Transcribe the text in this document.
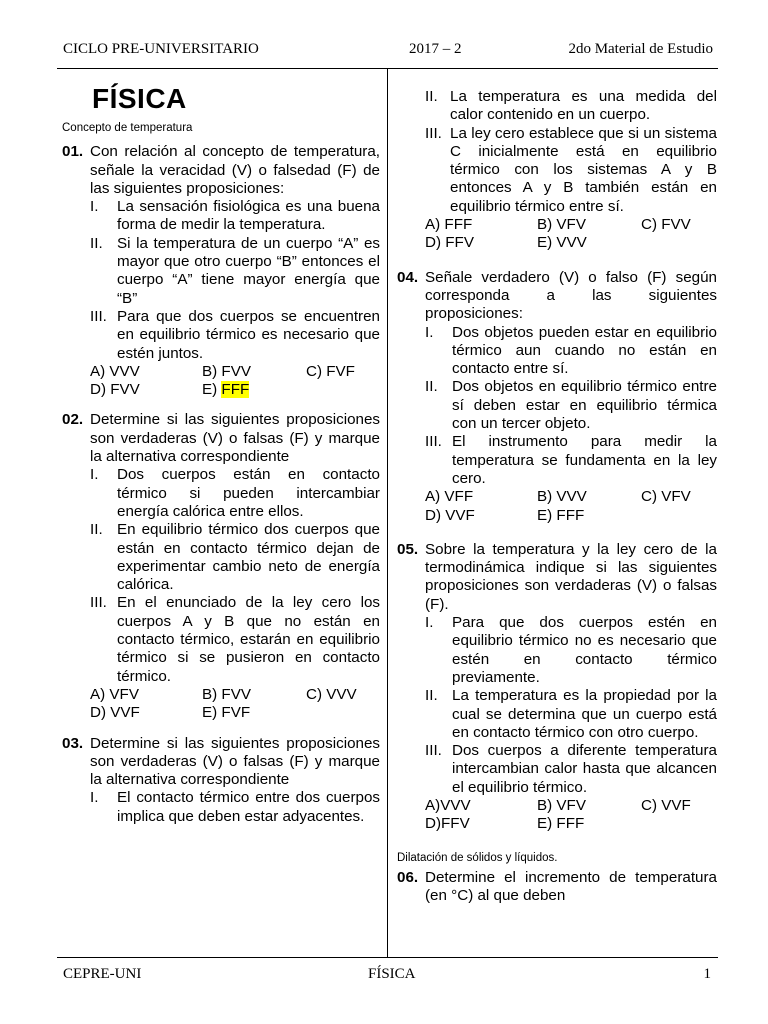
CICLO PRE-UNIVERSITARIO	2017 – 2	2do Material de Estudio
FÍSICA
Concepto de temperatura
01. Con relación al concepto de temperatura, señale la veracidad (V) o falsedad (F) de las siguientes proposiciones:
I. La sensación fisiológica es una buena forma de medir la temperatura.
II. Si la temperatura de un cuerpo “A” es mayor que otro cuerpo “B” entonces el cuerpo “A” tiene mayor energía que “B”
III. Para que dos cuerpos se encuentren en equilibrio térmico es necesario que estén juntos.
A) VVV	B) FVV	C) FVF
D) FVV	E) FFF
02. Determine si las siguientes proposiciones son verdaderas (V) o falsas (F) y marque la alternativa correspondiente
I. Dos cuerpos están en contacto térmico si pueden intercambiar energía calórica entre ellos.
II. En equilibrio térmico dos cuerpos que están en contacto térmico dejan de experimentar cambio neto de energía calórica.
III. En el enunciado de la ley cero los cuerpos A y B que no están en contacto térmico, estarán en equilibrio térmico si se pusieron en contacto térmico.
A) VFV	B) FVV	C) VVV
D) VVF	E) FVF
03. Determine si las siguientes proposiciones son verdaderas (V) o falsas (F) y marque la alternativa correspondiente
I. El contacto térmico entre dos cuerpos implica que deben estar adyacentes.
II. La temperatura es una medida del calor contenido en un cuerpo.
III. La ley cero establece que si un sistema C inicialmente está en equilibrio térmico con los sistemas A y B entonces A y B también están en equilibrio térmico entre sí.
A) FFF	B) VFV	C) FVV
D) FFV	E) VVV
04. Señale verdadero (V) o falso (F) según corresponda a las siguientes proposiciones:
I. Dos objetos pueden estar en equilibrio térmico aun cuando no están en contacto entre sí.
II. Dos objetos en equilibrio térmico entre sí deben estar en equilibrio térmica con un tercer objeto.
III. El instrumento para medir la temperatura se fundamenta en la ley cero.
A) VFF	B) VVV	C) VFV
D) VVF	E) FFF
05. Sobre la temperatura y la ley cero de la termodinámica indique si las siguientes proposiciones son verdaderas (V) o falsas (F).
I. Para que dos cuerpos estén en equilibrio térmico no es necesario que estén en contacto térmico previamente.
II. La temperatura es la propiedad por la cual se determina que un cuerpo está en contacto térmico con otro cuerpo.
III. Dos cuerpos a diferente temperatura intercambian calor hasta que alcancen el equilibrio térmico.
A)VVV	B) VFV	C) VVF
D)FFV	E) FFF
Dilatación de sólidos y líquidos.
06. Determine el incremento de temperatura (en °C) al que deben
CEPRE-UNI	FÍSICA	1
